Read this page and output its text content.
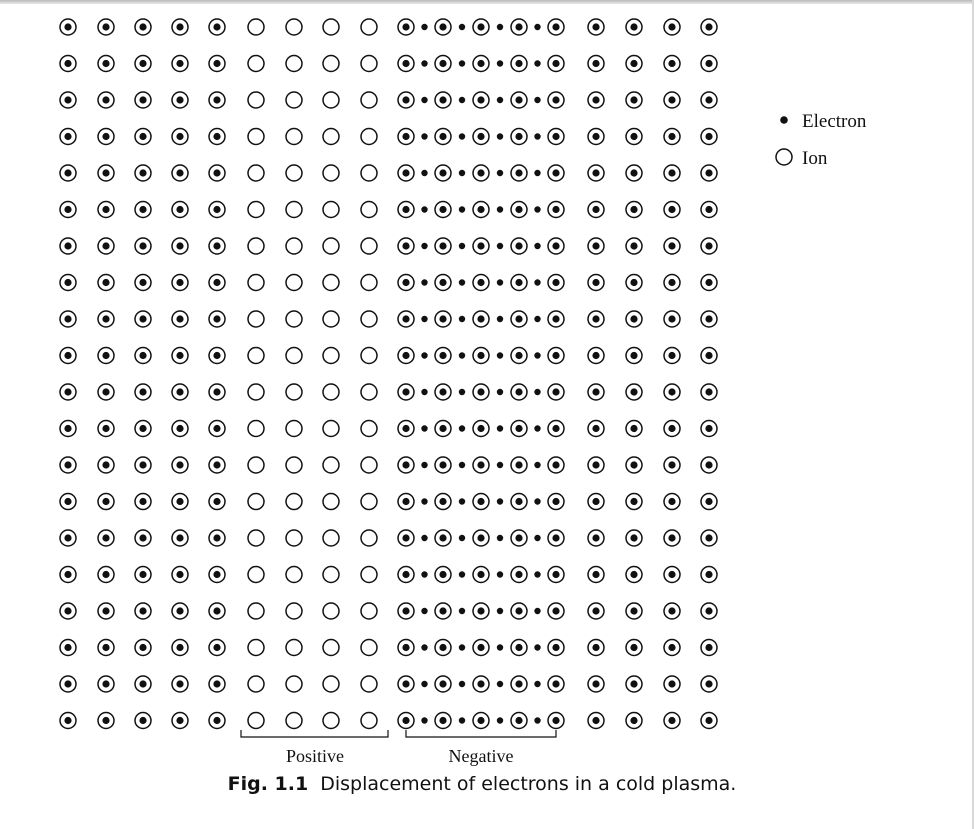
Electron
Ion
Positive	Negative
Fig. 1.1 Displacement of electrons in a cold plasma.
